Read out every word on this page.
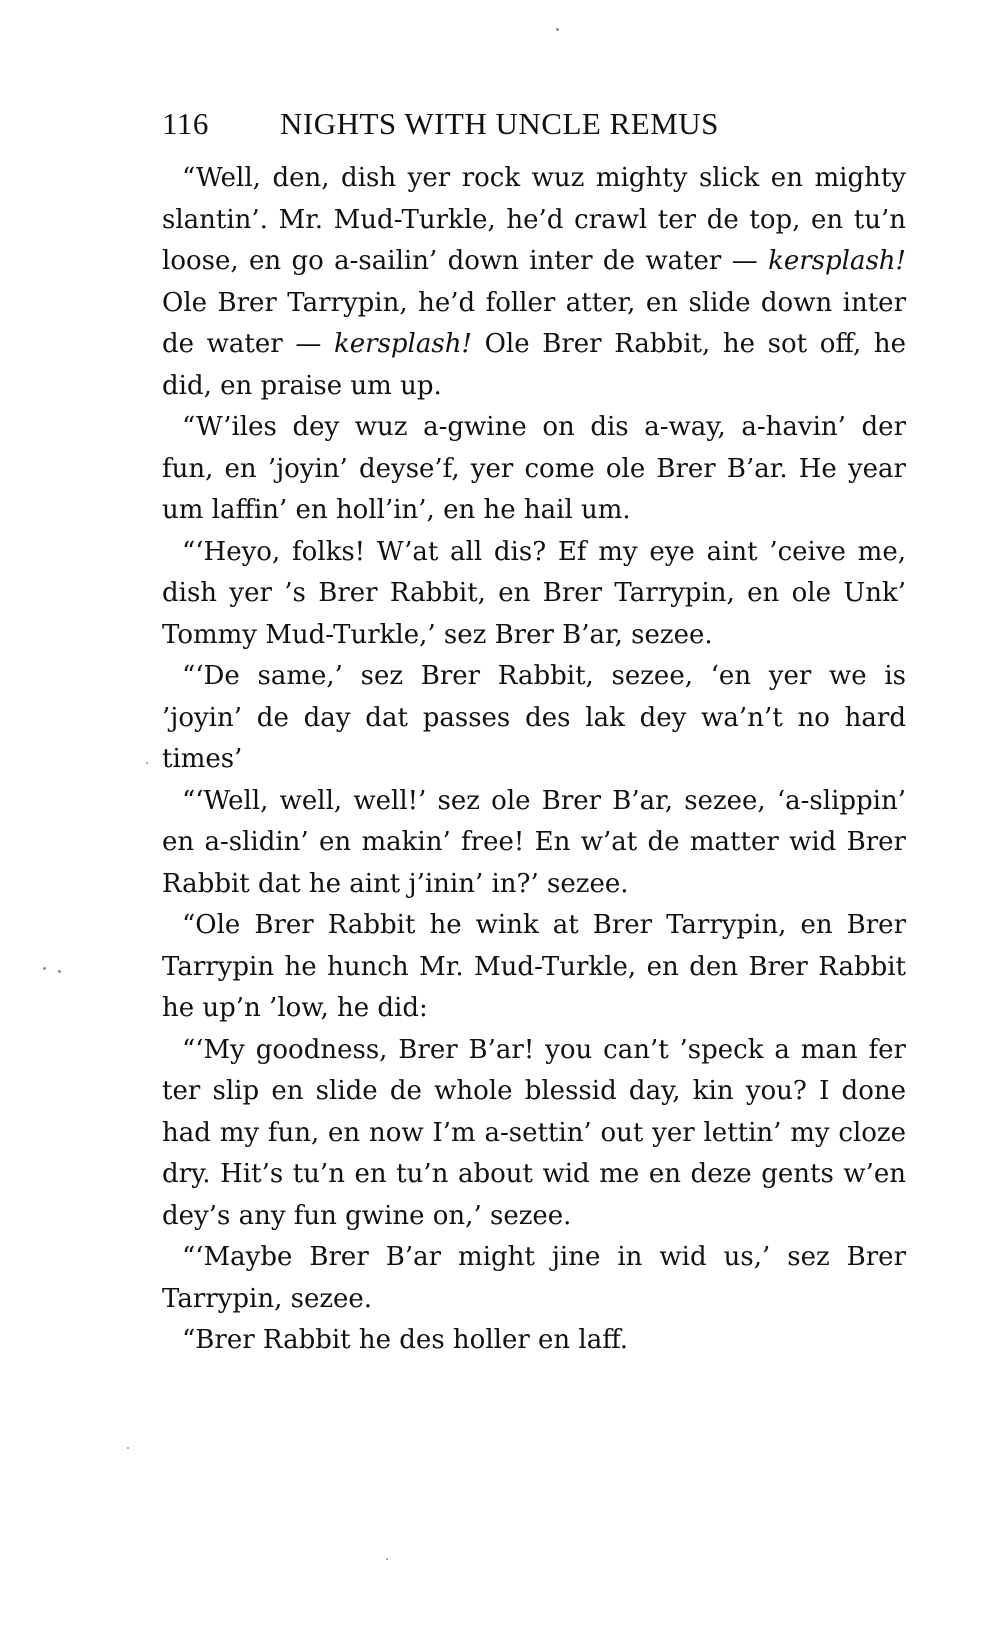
116 NIGHTS WITH UNCLE REMUS

“Well, den, dish yer rock wuz mighty slick en mighty slantin’. Mr. Mud-Turkle, he’d crawl ter de top, en tu’n loose, en go a-sailin’ down inter de water — kersplash! Ole Brer Tarrypin, he’d foller atter, en slide down inter de water — kersplash! Ole Brer Rabbit, he sot off, he did, en praise um up.

“W’iles dey wuz a-gwine on dis a-way, a-havin’ der fun, en ’joyin’ deyse’f, yer come ole Brer B’ar. He year um laffin’ en holl’in’, en he hail um.

“‘Heyo, folks! W’at all dis? Ef my eye aint ’ceive me, dish yer ’s Brer Rabbit, en Brer Tarrypin, en ole Unk’ Tommy Mud-Turkle,’ sez Brer B’ar, sezee.

“‘De same,’ sez Brer Rabbit, sezee, ‘en yer we is ’joyin’ de day dat passes des lak dey wa’n’t no hard times’

“‘Well, well, well!’ sez ole Brer B’ar, sezee, ‘a-slippin’ en a-slidin’ en makin’ free! En w’at de matter wid Brer Rabbit dat he aint j’inin’ in?’ sezee.

“Ole Brer Rabbit he wink at Brer Tarrypin, en Brer Tarrypin he hunch Mr. Mud-Turkle, en den Brer Rabbit he up’n ’low, he did:

“‘My goodness, Brer B’ar! you can’t ’speck a man fer ter slip en slide de whole blessid day, kin you? I done had my fun, en now I’m a-settin’ out yer lettin’ my cloze dry. Hit’s tu’n en tu’n about wid me en deze gents w’en dey’s any fun gwine on,’ sezee.

“‘Maybe Brer B’ar might jine in wid us,’ sez Brer Tarrypin, sezee.

“Brer Rabbit he des holler en laff.
